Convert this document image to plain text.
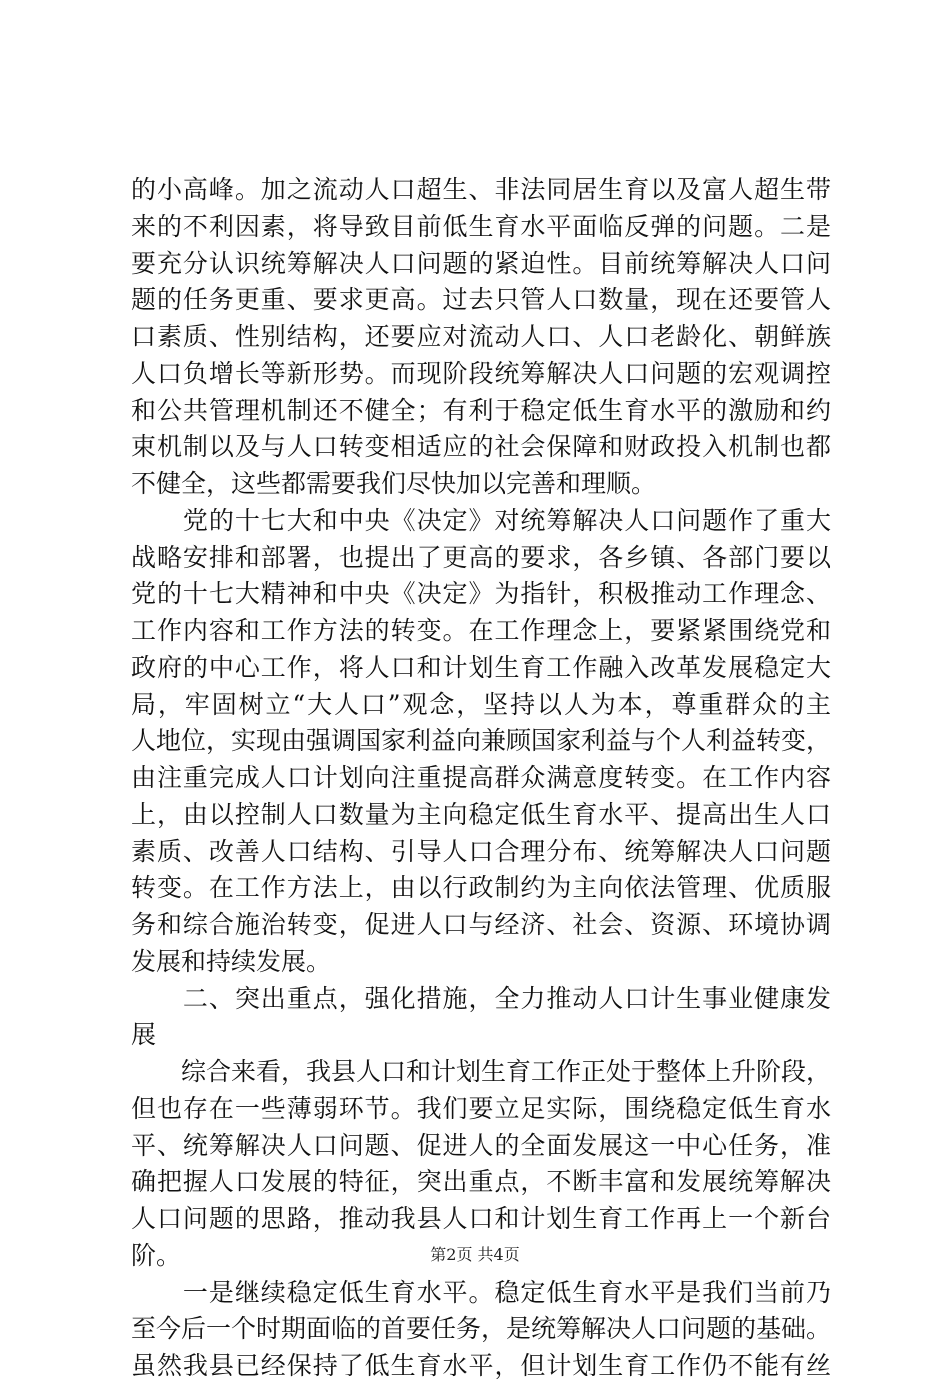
的小高峰。加之流动人口超生、非法同居生育以及富人超生带
来的不利因素，将导致目前低生育水平面临反弹的问题。二是
要充分认识统筹解决人口问题的紧迫性。目前统筹解决人口问
题的任务更重、要求更高。过去只管人口数量，现在还要管人
口素质、性别结构，还要应对流动人口、人口老龄化、朝鲜族
人口负增长等新形势。而现阶段统筹解决人口问题的宏观调控
和公共管理机制还不健全；有利于稳定低生育水平的激励和约
束机制以及与人口转变相适应的社会保障和财政投入机制也都
不健全，这些都需要我们尽快加以完善和理顺。
　　党的十七大和中央《决定》对统筹解决人口问题作了重大
战略安排和部署，也提出了更高的要求，各乡镇、各部门要以
党的十七大精神和中央《决定》为指针，积极推动工作理念、
工作内容和工作方法的转变。在工作理念上，要紧紧围绕党和
政府的中心工作，将人口和计划生育工作融入改革发展稳定大
局，牢固树立“大人口”观念，坚持以人为本，尊重群众的主
人地位，实现由强调国家利益向兼顾国家利益与个人利益转变，
由注重完成人口计划向注重提高群众满意度转变。在工作内容
上，由以控制人口数量为主向稳定低生育水平、提高出生人口
素质、改善人口结构、引导人口合理分布、统筹解决人口问题
转变。在工作方法上，由以行政制约为主向依法管理、优质服
务和综合施治转变，促进人口与经济、社会、资源、环境协调
发展和持续发展。
　　二、突出重点，强化措施，全力推动人口计生事业健康发
展
　　综合来看，我县人口和计划生育工作正处于整体上升阶段，
但也存在一些薄弱环节。我们要立足实际，围绕稳定低生育水
平、统筹解决人口问题、促进人的全面发展这一中心任务，准
确把握人口发展的特征，突出重点，不断丰富和发展统筹解决
人口问题的思路，推动我县人口和计划生育工作再上一个新台
阶。
　　一是继续稳定低生育水平。稳定低生育水平是我们当前乃
至今后一个时期面临的首要任务，是统筹解决人口问题的基础。
虽然我县已经保持了低生育水平，但计划生育工作仍不能有丝
第2页 共4页
